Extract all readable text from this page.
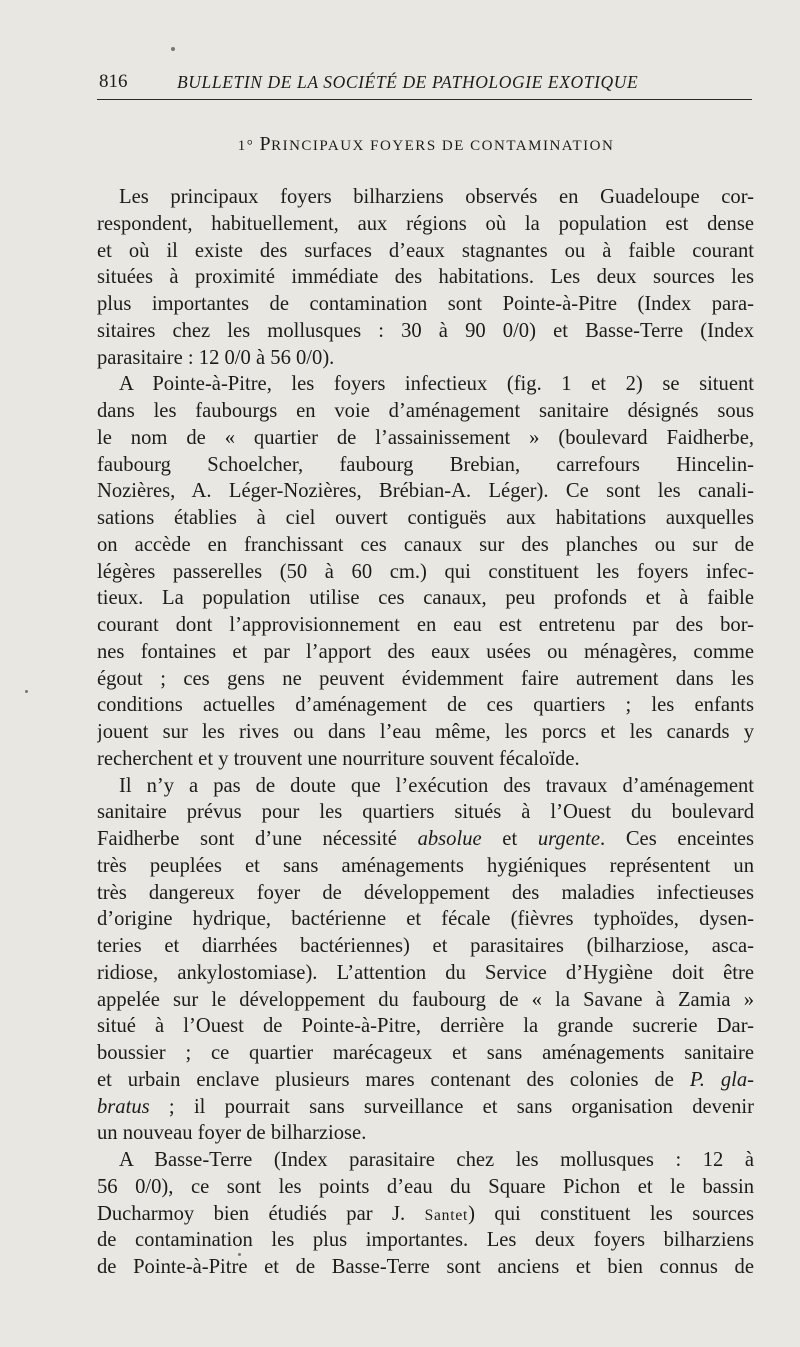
816	BULLETIN DE LA SOCIÉTÉ DE PATHOLOGIE EXOTIQUE
1° PRINCIPAUX FOYERS DE CONTAMINATION
Les principaux foyers bilharziens observés en Guadeloupe cor-
respondent, habituellement, aux régions où la population est dense
et où il existe des surfaces d’eaux stagnantes ou à faible courant
situées à proximité immédiate des habitations. Les deux sources les
plus importantes de contamination sont Pointe-à-Pitre (Index para-
sitaires chez les mollusques : 30 à 90 0/0) et Basse-Terre (Index
parasitaire : 12 0/0 à 56 0/0).
A Pointe-à-Pitre, les foyers infectieux (fig. 1 et 2) se situent
dans les faubourgs en voie d’aménagement sanitaire désignés sous
le nom de « quartier de l’assainissement » (boulevard Faidherbe,
faubourg Schoelcher, faubourg Brebian, carrefours Hincelin-
Nozières, A. Léger-Nozières, Brébian-A. Léger). Ce sont les canali-
sations établies à ciel ouvert contiguës aux habitations auxquelles
on accède en franchissant ces canaux sur des planches ou sur de
légères passerelles (50 à 60 cm.) qui constituent les foyers infec-
tieux. La population utilise ces canaux, peu profonds et à faible
courant dont l’approvisionnement en eau est entretenu par des bor-
nes fontaines et par l’apport des eaux usées ou ménagères, comme
égout ; ces gens ne peuvent évidemment faire autrement dans les
conditions actuelles d’aménagement de ces quartiers ; les enfants
jouent sur les rives ou dans l’eau même, les porcs et les canards y
recherchent et y trouvent une nourriture souvent fécaloïde.
Il n’y a pas de doute que l’exécution des travaux d’aménagement
sanitaire prévus pour les quartiers situés à l’Ouest du boulevard
Faidherbe sont d’une nécessité absolue et urgente. Ces enceintes
très peuplées et sans aménagements hygiéniques représentent un
très dangereux foyer de développement des maladies infectieuses
d’origine hydrique, bactérienne et fécale (fièvres typhoïdes, dysen-
teries et diarrhées bactériennes) et parasitaires (bilharziose, asca-
ridiose, ankylostomiase). L’attention du Service d’Hygiène doit être
appelée sur le développement du faubourg de « la Savane à Zamia »
situé à l’Ouest de Pointe-à-Pitre, derrière la grande sucrerie Dar-
boussier ; ce quartier marécageux et sans aménagements sanitaire
et urbain enclave plusieurs mares contenant des colonies de P. gla-
bratus ; il pourrait sans surveillance et sans organisation devenir
un nouveau foyer de bilharziose.
A Basse-Terre (Index parasitaire chez les mollusques : 12 à
56 0/0), ce sont les points d’eau du Square Pichon et le bassin
Ducharmoy bien étudiés par J. Santet) qui constituent les sources
de contamination les plus importantes. Les deux foyers bilharziens
de Pointe-à-Pitre et de Basse-Terre sont anciens et bien connus de
